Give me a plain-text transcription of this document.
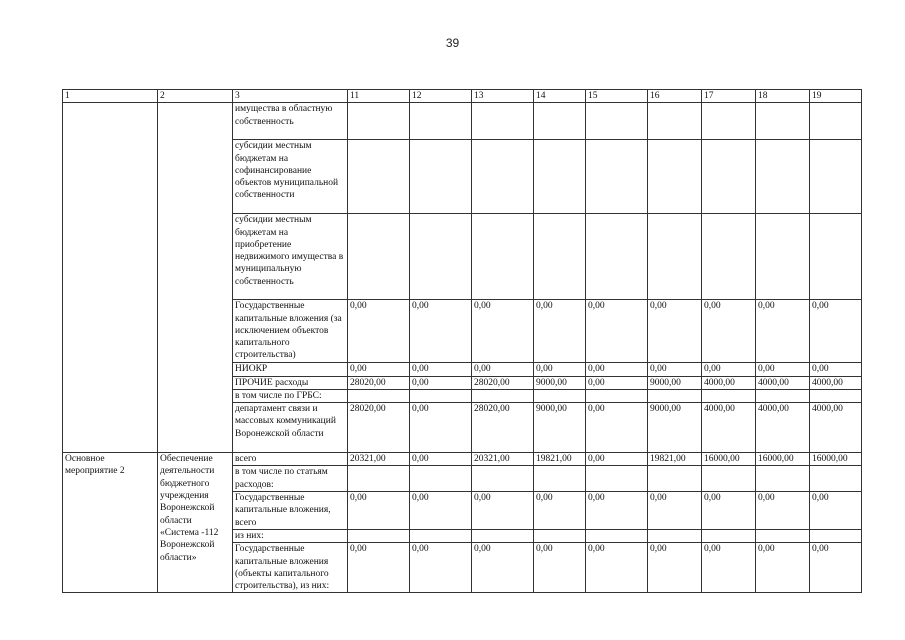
39
1	2	3	11	12	13	14	15	16	17	18	19
		имущества в областную собственность									
		субсидии местным бюджетам на софинансирование объектов муниципальной собственности									
		субсидии местным бюджетам на приобретение недвижимого имущества в муниципальную собственность									
		Государственные капитальные вложения (за исключением объектов капитального строительства)	0,00	0,00	0,00	0,00	0,00	0,00	0,00	0,00	0,00
		НИОКР	0,00	0,00	0,00	0,00	0,00	0,00	0,00	0,00	0,00
		ПРОЧИЕ расходы	28020,00	0,00	28020,00	9000,00	0,00	9000,00	4000,00	4000,00	4000,00
		в том числе по ГРБС:									
		департамент связи и массовых коммуникаций Воронежской области	28020,00	0,00	28020,00	9000,00	0,00	9000,00	4000,00	4000,00	4000,00
Основное мероприятие 2	Обеспечение деятельности бюджетного учреждения Воронежской области «Система -112 Воронежской области»	всего	20321,00	0,00	20321,00	19821,00	0,00	19821,00	16000,00	16000,00	16000,00
		в том числе по статьям расходов:									
		Государственные капитальные вложения, всего	0,00	0,00	0,00	0,00	0,00	0,00	0,00	0,00	0,00
		из них:									
		Государственные капитальные вложения (объекты капитального строительства), из них:	0,00	0,00	0,00	0,00	0,00	0,00	0,00	0,00	0,00
